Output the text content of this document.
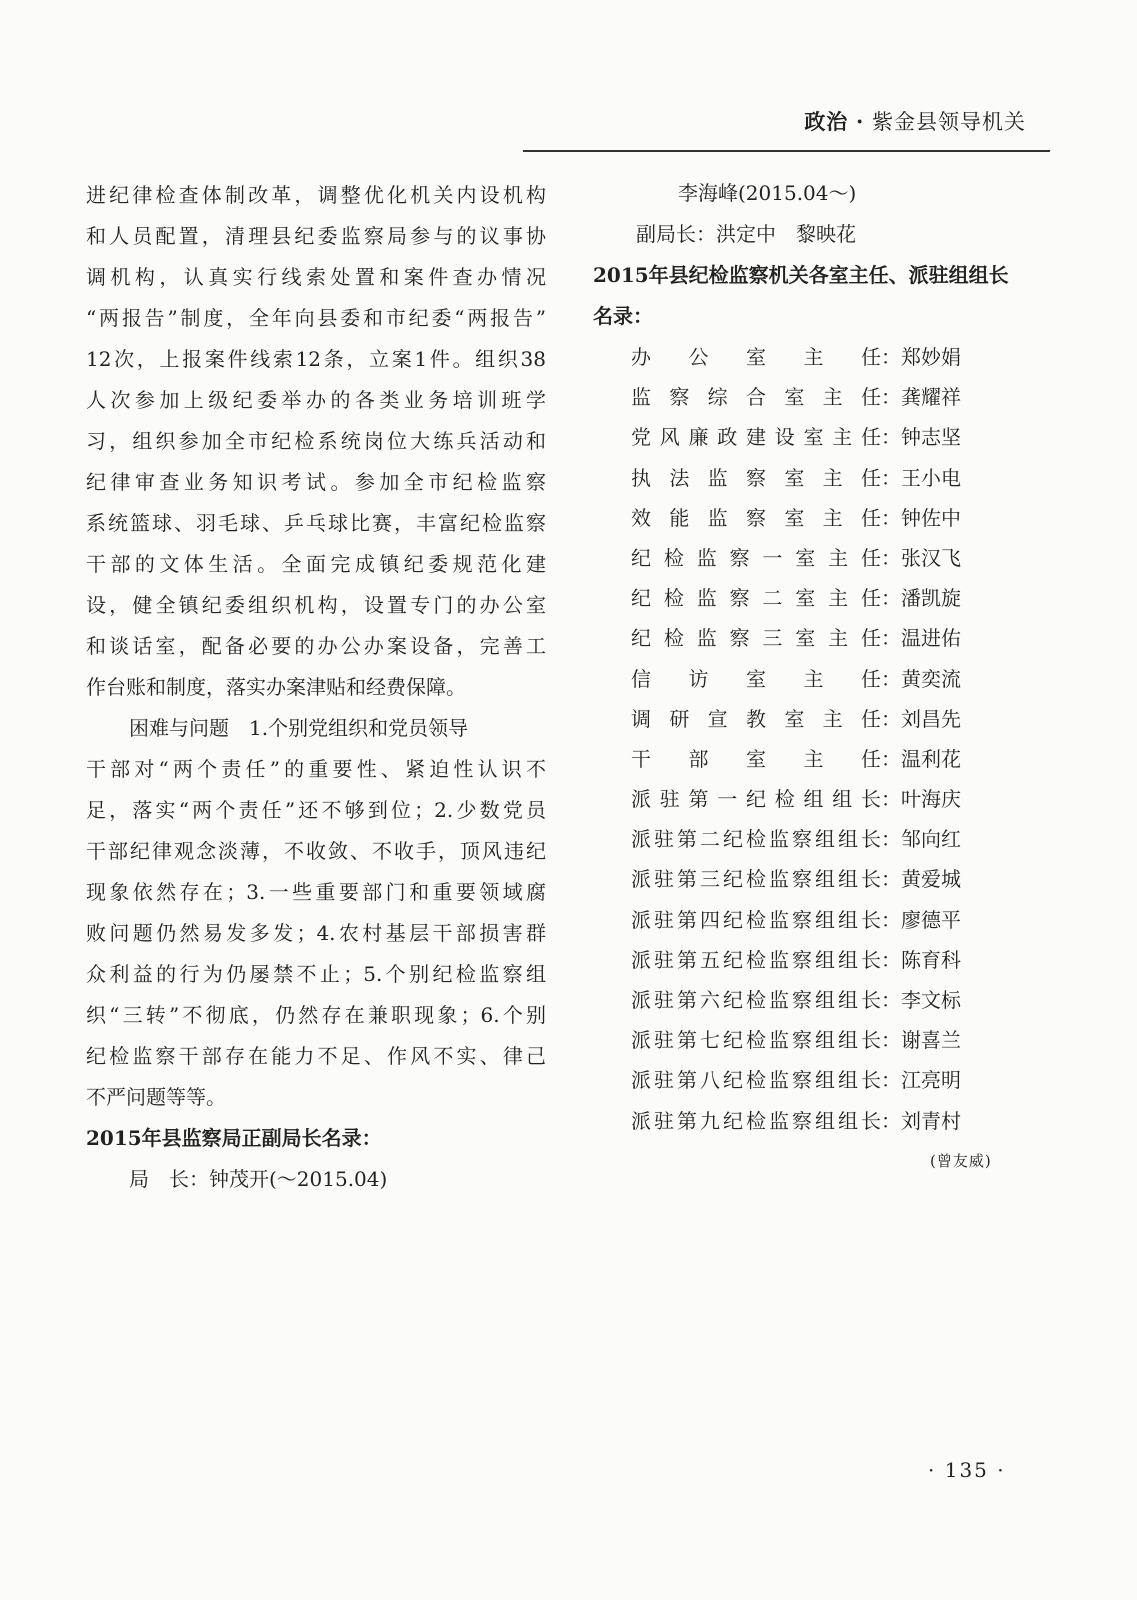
政治 · 紫金县领导机关
进纪律检查体制改革，调整优化机关内设机构
和人员配置，清理县纪委监察局参与的议事协
调机构，认真实行线索处置和案件查办情况
“两报告”制度，全年向县委和市纪委“两报告”
12次，上报案件线索12条，立案1件。组织38
人次参加上级纪委举办的各类业务培训班学
习，组织参加全市纪检系统岗位大练兵活动和
纪律审查业务知识考试。参加全市纪检监察
系统篮球、羽毛球、乒乓球比赛，丰富纪检监察
干部的文体生活。全面完成镇纪委规范化建
设，健全镇纪委组织机构，设置专门的办公室
和谈话室，配备必要的办公办案设备，完善工
作台账和制度，落实办案津贴和经费保障。
困难与问题　1.个别党组织和党员领导
干部对“两个责任”的重要性、紧迫性认识不
足，落实“两个责任”还不够到位；2.少数党员
干部纪律观念淡薄，不收敛、不收手，顶风违纪
现象依然存在；3.一些重要部门和重要领域腐
败问题仍然易发多发；4.农村基层干部损害群
众利益的行为仍屡禁不止；5.个别纪检监察组
织“三转”不彻底，仍然存在兼职现象；6.个别
纪检监察干部存在能力不足、作风不实、律己
不严问题等等。
2015年县监察局正副局长名录：
局　长：钟茂开(～2015.04)
李海峰(2015.04～)
副局长：洪定中　黎映花
2015年县纪检监察机关各室主任、派驻组组长
名录：
办公室主任 ： 郑妙娟
监察综合室主任 ： 龚耀祥
党风廉政建设室主任 ： 钟志坚
执法监察室主任 ： 王小电
效能监察室主任 ： 钟佐中
纪检监察一室主任 ： 张汉飞
纪检监察二室主任 ： 潘凯旋
纪检监察三室主任 ： 温进佑
信访室主任 ： 黄奕流
调研宣教室主任 ： 刘昌先
干部室主任 ： 温利花
派驻第一纪检组组长 ： 叶海庆
派驻第二纪检监察组组长 ： 邹向红
派驻第三纪检监察组组长 ： 黄爱城
派驻第四纪检监察组组长 ： 廖德平
派驻第五纪检监察组组长 ： 陈育科
派驻第六纪检监察组组长 ： 李文标
派驻第七纪检监察组组长 ： 谢喜兰
派驻第八纪检监察组组长 ： 江亮明
派驻第九纪检监察组组长 ： 刘青村
(曾友威)
· 135 ·
